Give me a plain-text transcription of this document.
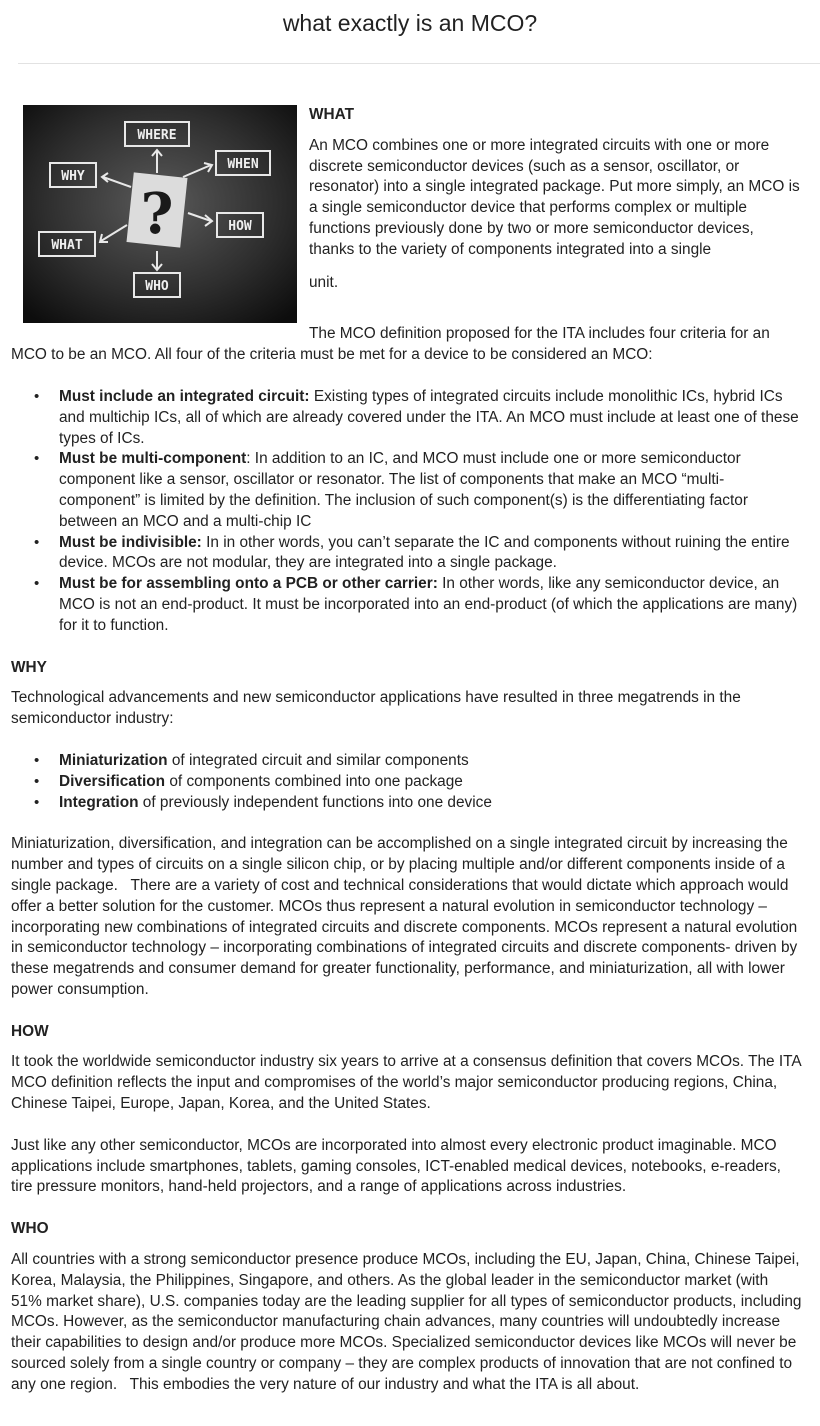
what exactly is an MCO?
?
WHERE
WHEN
WHY
HOW
WHAT
WHO
WHAT

An MCO combines one or more integrated circuits with one or more discrete semiconductor devices (such as a sensor, oscillator, or resonator) into a single integrated package. Put more simply, an MCO is a single semiconductor device that performs complex or multiple functions previously done by two or more semiconductor devices, thanks to the variety of components integrated into a single

unit.

The MCO definition proposed for the ITA includes four criteria for an MCO to be an MCO. All four of the criteria must be met for a device to be considered an MCO:

• Must include an integrated circuit: Existing types of integrated circuits include monolithic ICs, hybrid ICs and multichip ICs, all of which are already covered under the ITA. An MCO must include at least one of these types of ICs.
• Must be multi-component: In addition to an IC, and MCO must include one or more semiconductor component like a sensor, oscillator or resonator. The list of components that make an MCO “multi-component” is limited by the definition. The inclusion of such component(s) is the differentiating factor between an MCO and a multi-chip IC
• Must be indivisible: In in other words, you can’t separate the IC and components without ruining the entire device. MCOs are not modular, they are integrated into a single package.
• Must be for assembling onto a PCB or other carrier: In other words, like any semiconductor device, an MCO is not an end-product. It must be incorporated into an end-product (of which the applications are many) for it to function.
WHY

Technological advancements and new semiconductor applications have resulted in three megatrends in the semiconductor industry:

• Miniaturization of integrated circuit and similar components
• Diversification of components combined into one package
• Integration of previously independent functions into one device

Miniaturization, diversification, and integration can be accomplished on a single integrated circuit by increasing the number and types of circuits on a single silicon chip, or by placing multiple and/or different components inside of a single package.   There are a variety of cost and technical considerations that would dictate which approach would offer a better solution for the customer. MCOs thus represent a natural evolution in semiconductor technology – incorporating new combinations of integrated circuits and discrete components. MCOs represent a natural evolution in semiconductor technology – incorporating combinations of integrated circuits and discrete components- driven by these megatrends and consumer demand for greater functionality, performance, and miniaturization, all with lower power consumption.

HOW

It took the worldwide semiconductor industry six years to arrive at a consensus definition that covers MCOs. The ITA MCO definition reflects the input and compromises of the world’s major semiconductor producing regions, China, Chinese Taipei, Europe, Japan, Korea, and the United States.

Just like any other semiconductor, MCOs are incorporated into almost every electronic product imaginable. MCO applications include smartphones, tablets, gaming consoles, ICT-enabled medical devices, notebooks, e-readers, tire pressure monitors, hand-held projectors, and a range of applications across industries.

WHO

All countries with a strong semiconductor presence produce MCOs, including the EU, Japan, China, Chinese Taipei, Korea, Malaysia, the Philippines, Singapore, and others. As the global leader in the semiconductor market (with 51% market share), U.S. companies today are the leading supplier for all types of semiconductor products, including MCOs. However, as the semiconductor manufacturing chain advances, many countries will undoubtedly increase their capabilities to design and/or produce more MCOs. Specialized semiconductor devices like MCOs will never be sourced solely from a single country or company – they are complex products of innovation that are not confined to any one region.   This embodies the very nature of our industry and what the ITA is all about.
